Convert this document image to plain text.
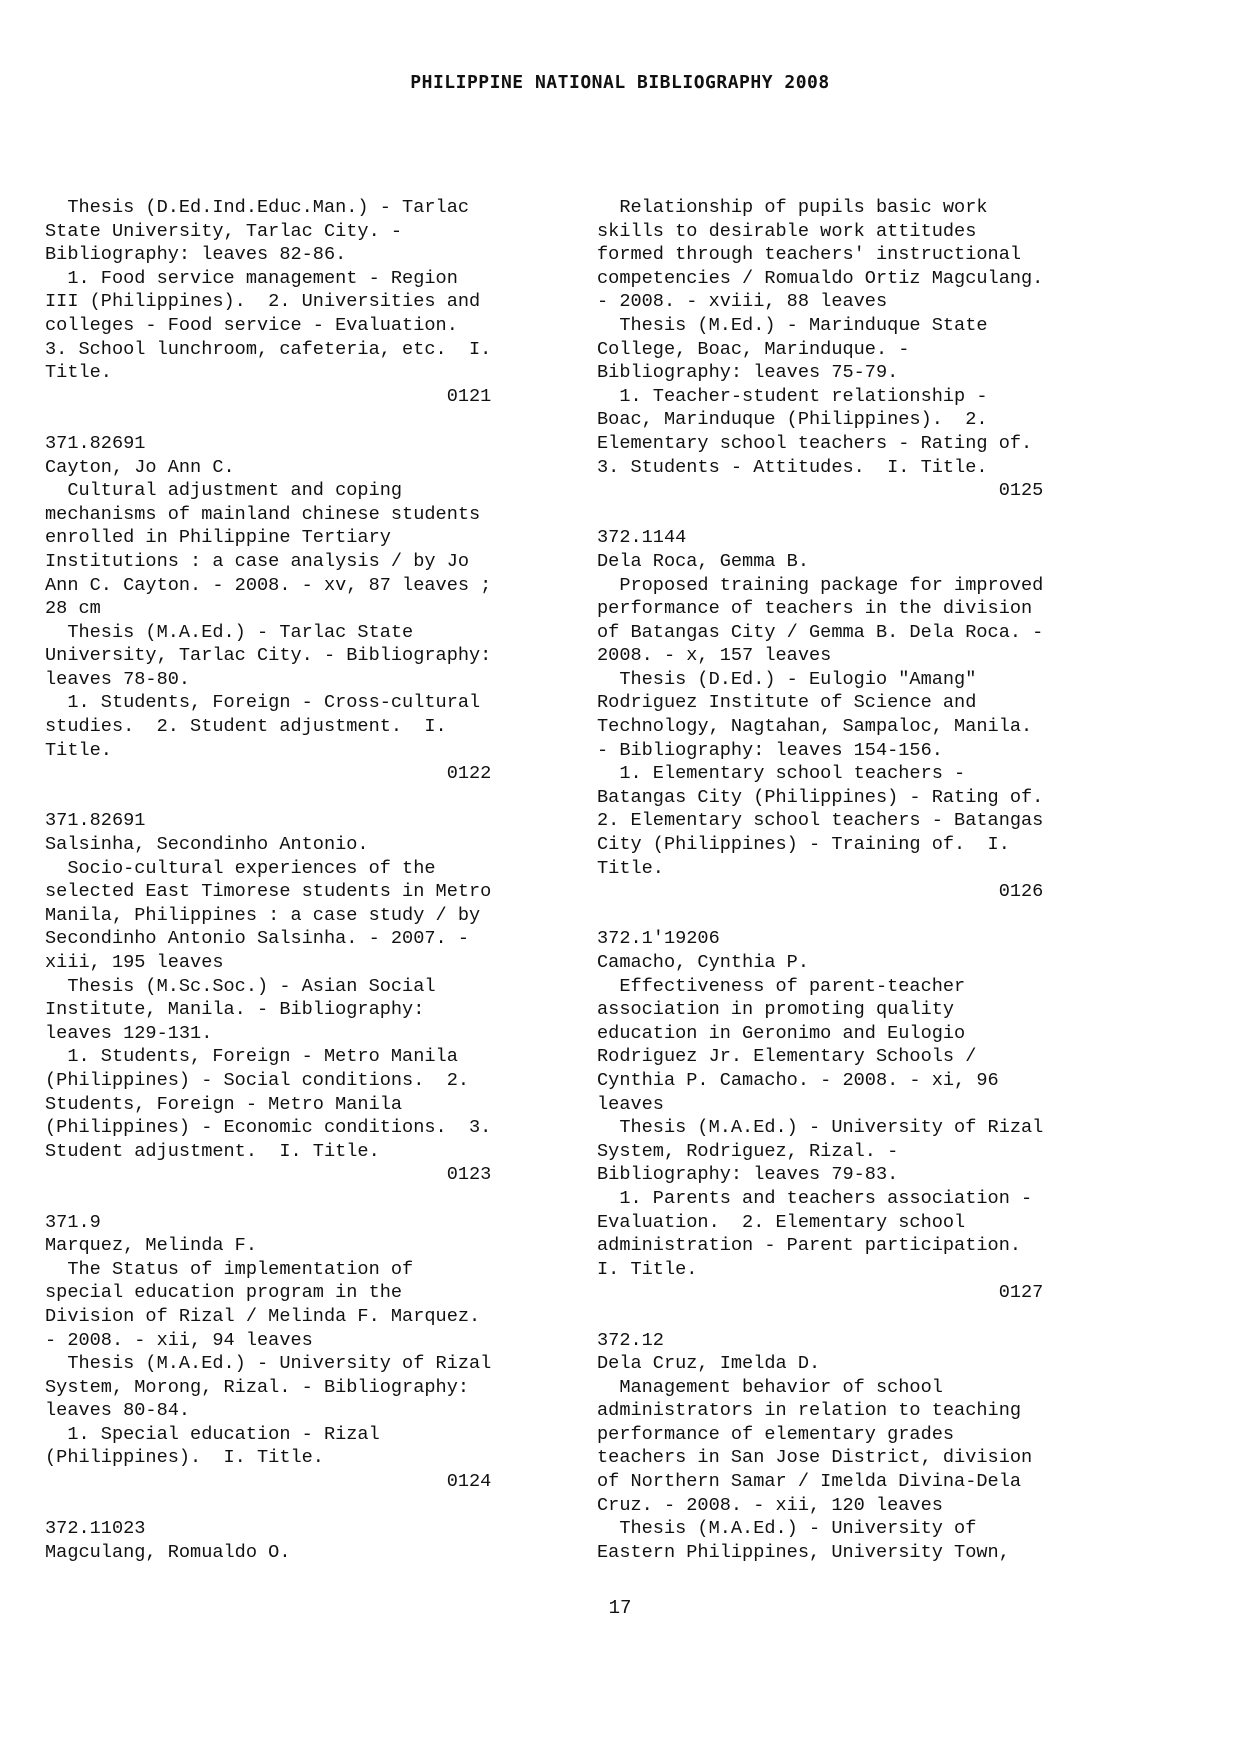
PHILIPPINE NATIONAL BIBLIOGRAPHY 2008
Thesis (D.Ed.Ind.Educ.Man.) - Tarlac
State University, Tarlac City. -
Bibliography: leaves 82-86.
1. Food service management - Region
III (Philippines).  2. Universities and
colleges - Food service - Evaluation.
3. School lunchroom, cafeteria, etc.  I.
Title.
0121
371.82691
Cayton, Jo Ann C.
Cultural adjustment and coping
mechanisms of mainland chinese students
enrolled in Philippine Tertiary
Institutions : a case analysis / by Jo
Ann C. Cayton. - 2008. - xv, 87 leaves ;
28 cm
Thesis (M.A.Ed.) - Tarlac State
University, Tarlac City. - Bibliography:
leaves 78-80.
1. Students, Foreign - Cross-cultural
studies.  2. Student adjustment.  I.
Title.
0122
371.82691
Salsinha, Secondinho Antonio.
Socio-cultural experiences of the
selected East Timorese students in Metro
Manila, Philippines : a case study / by
Secondinho Antonio Salsinha. - 2007. -
xiii, 195 leaves
Thesis (M.Sc.Soc.) - Asian Social
Institute, Manila. - Bibliography:
leaves 129-131.
1. Students, Foreign - Metro Manila
(Philippines) - Social conditions.  2.
Students, Foreign - Metro Manila
(Philippines) - Economic conditions.  3.
Student adjustment.  I. Title.
0123
371.9
Marquez, Melinda F.
The Status of implementation of
special education program in the
Division of Rizal / Melinda F. Marquez.
- 2008. - xii, 94 leaves
Thesis (M.A.Ed.) - University of Rizal
System, Morong, Rizal. - Bibliography:
leaves 80-84.
1. Special education - Rizal
(Philippines).  I. Title.
0124
372.11023
Magculang, Romualdo O.
Relationship of pupils basic work
skills to desirable work attitudes
formed through teachers' instructional
competencies / Romualdo Ortiz Magculang.
- 2008. - xviii, 88 leaves
Thesis (M.Ed.) - Marinduque State
College, Boac, Marinduque. -
Bibliography: leaves 75-79.
1. Teacher-student relationship -
Boac, Marinduque (Philippines).  2.
Elementary school teachers - Rating of.
3. Students - Attitudes.  I. Title.
0125
372.1144
Dela Roca, Gemma B.
Proposed training package for improved
performance of teachers in the division
of Batangas City / Gemma B. Dela Roca. -
2008. - x, 157 leaves
Thesis (D.Ed.) - Eulogio "Amang"
Rodriguez Institute of Science and
Technology, Nagtahan, Sampaloc, Manila.
- Bibliography: leaves 154-156.
1. Elementary school teachers -
Batangas City (Philippines) - Rating of.
2. Elementary school teachers - Batangas
City (Philippines) - Training of.  I.
Title.
0126
372.1'19206
Camacho, Cynthia P.
Effectiveness of parent-teacher
association in promoting quality
education in Geronimo and Eulogio
Rodriguez Jr. Elementary Schools /
Cynthia P. Camacho. - 2008. - xi, 96
leaves
Thesis (M.A.Ed.) - University of Rizal
System, Rodriguez, Rizal. -
Bibliography: leaves 79-83.
1. Parents and teachers association -
Evaluation.  2. Elementary school
administration - Parent participation.
I. Title.
0127
372.12
Dela Cruz, Imelda D.
Management behavior of school
administrators in relation to teaching
performance of elementary grades
teachers in San Jose District, division
of Northern Samar / Imelda Divina-Dela
Cruz. - 2008. - xii, 120 leaves
Thesis (M.A.Ed.) - University of
Eastern Philippines, University Town,
17
